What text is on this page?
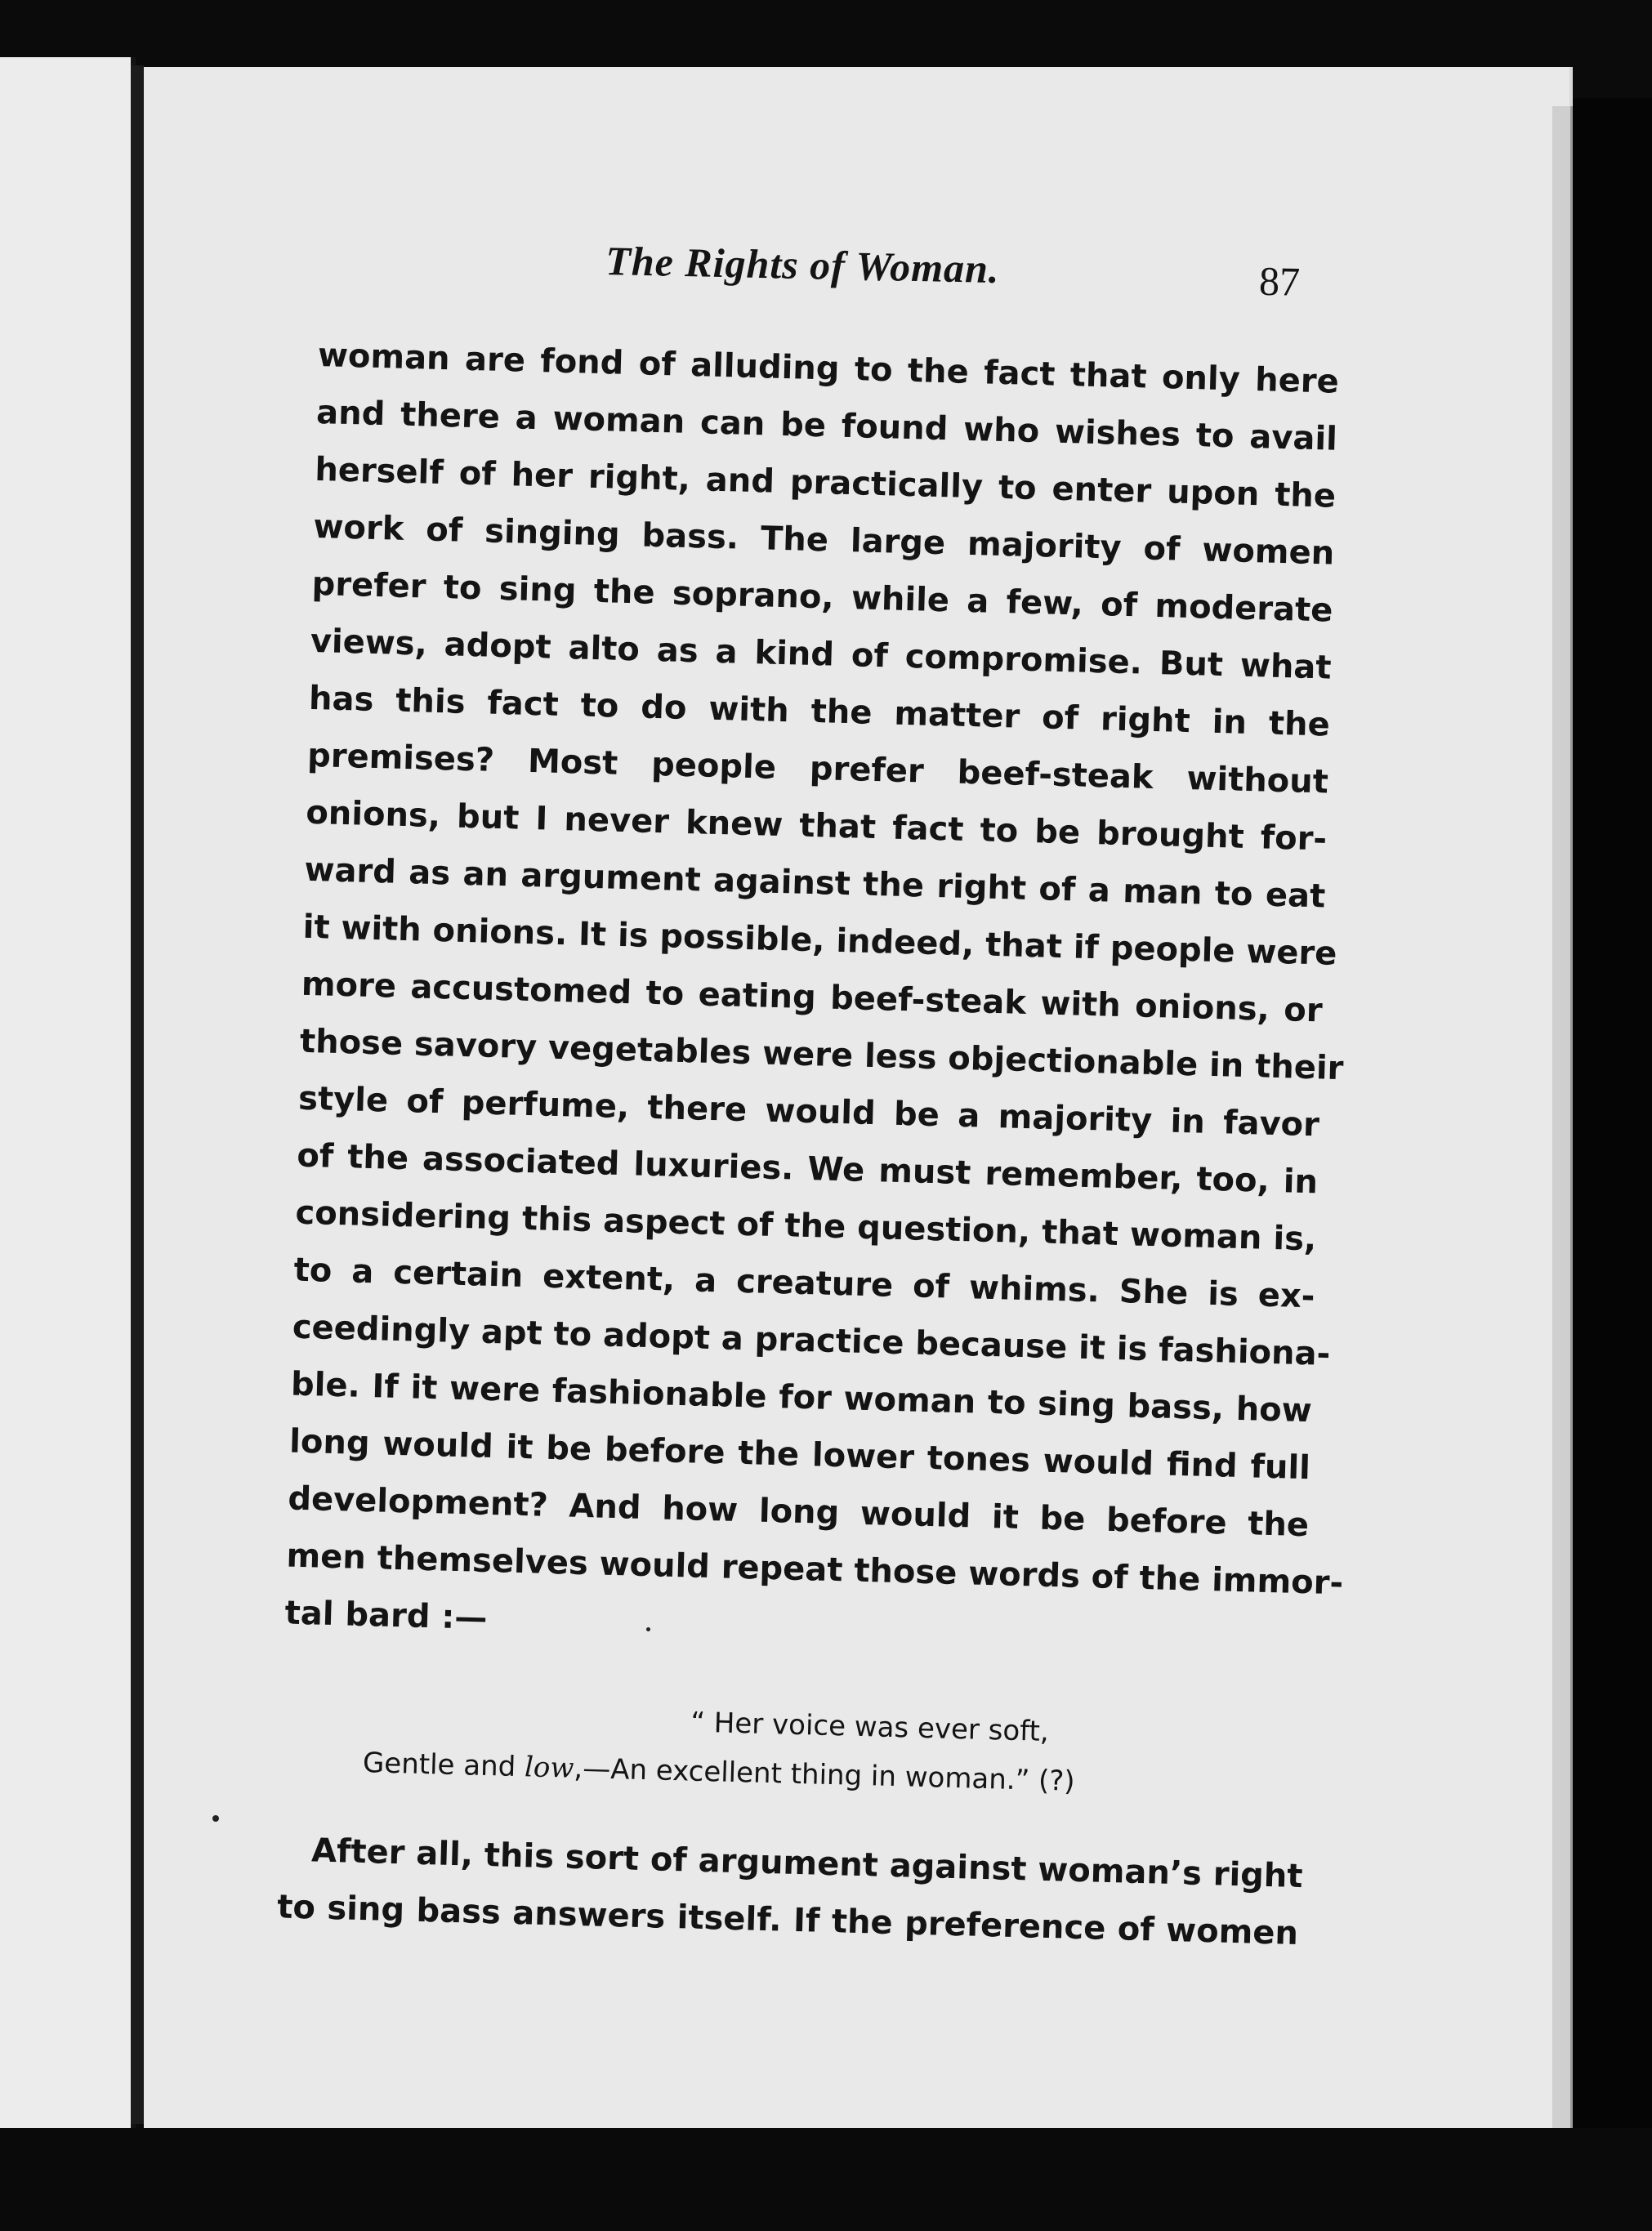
The Rights of Woman.	87
woman are fond of alluding to the fact that only here
and there a woman can be found who wishes to avail
herself of her right, and practically to enter upon the
work of singing bass. The large majority of women
prefer to sing the soprano, while a few, of moderate
views, adopt alto as a kind of compromise. But what
has this fact to do with the matter of right in the
premises? Most people prefer beef-steak without
onions, but I never knew that fact to be brought for-
ward as an argument against the right of a man to eat
it with onions. It is possible, indeed, that if people were
more accustomed to eating beef-steak with onions, or
those savory vegetables were less objectionable in their
style of perfume, there would be a majority in favor
of the associated luxuries. We must remember, too, in
considering this aspect of the question, that woman is,
to a certain extent, a creature of whims. She is ex-
ceedingly apt to adopt a practice because it is fashiona-
ble. If it were fashionable for woman to sing bass, how
long would it be before the lower tones would find full
development? And how long would it be before the
men themselves would repeat those words of the immor-
tal bard :—
“ Her voice was ever soft,
Gentle and low,—An excellent thing in woman.” (?)
After all, this sort of argument against woman’s right
to sing bass answers itself. If the preference of women
